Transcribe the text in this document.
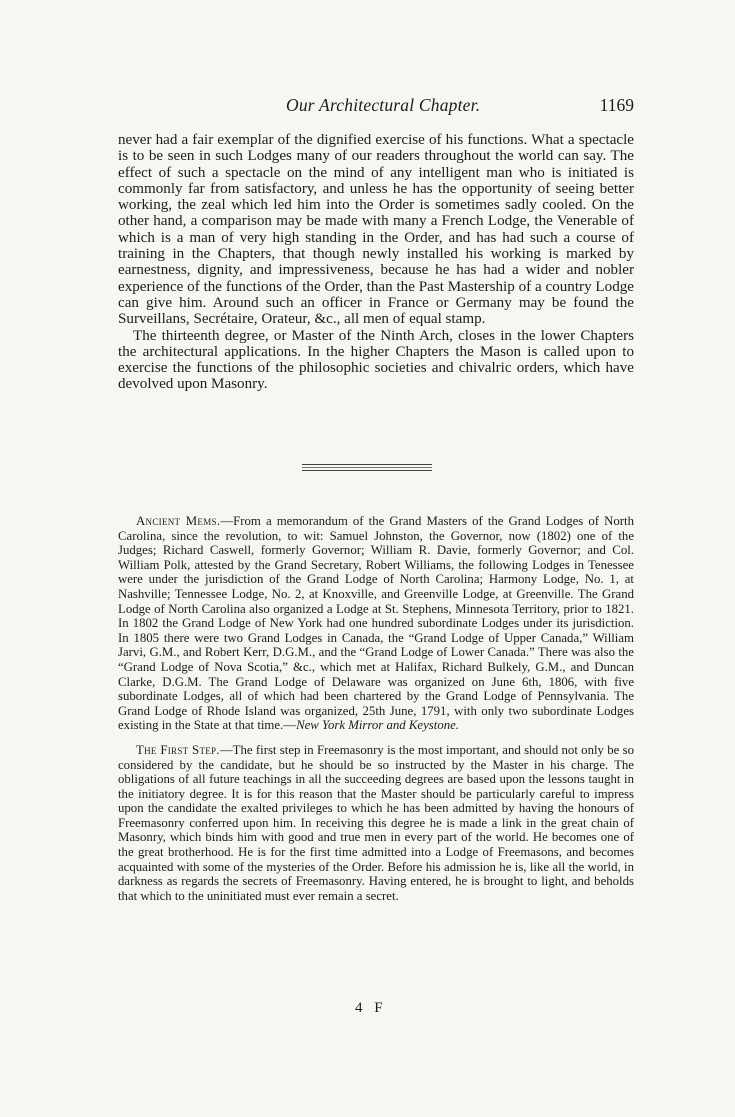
Our Architectural Chapter.	1169

never had a fair exemplar of the dignified exercise of his functions. What a spectacle is to be seen in such Lodges many of our readers throughout the world can say. The effect of such a spectacle on the mind of any intelligent man who is initiated is commonly far from satisfactory, and unless he has the opportunity of seeing better working, the zeal which led him into the Order is sometimes sadly cooled. On the other hand, a comparison may be made with many a French Lodge, the Venerable of which is a man of very high standing in the Order, and has had such a course of training in the Chapters, that though newly installed his working is marked by earnestness, dignity, and impressiveness, because he has had a wider and nobler experience of the functions of the Order, than the Past Mastership of a country Lodge can give him. Around such an officer in France or Germany may be found the Surveillans, Secrétaire, Orateur, &c., all men of equal stamp.

The thirteenth degree, or Master of the Ninth Arch, closes in the lower Chapters the architectural applications. In the higher Chapters the Mason is called upon to exercise the functions of the philosophic societies and chivalric orders, which have devolved upon Masonry.

Ancient Mems.—From a memorandum of the Grand Masters of the Grand Lodges of North Carolina, since the revolution, to wit: Samuel Johnston, the Governor, now (1802) one of the Judges; Richard Caswell, formerly Governor; William R. Davie, formerly Governor; and Col. William Polk, attested by the Grand Secretary, Robert Williams, the following Lodges in Tenessee were under the jurisdiction of the Grand Lodge of North Carolina; Harmony Lodge, No. 1, at Nashville; Tennessee Lodge, No. 2, at Knoxville, and Greenville Lodge, at Greenville. The Grand Lodge of North Carolina also organized a Lodge at St. Stephens, Minnesota Territory, prior to 1821. In 1802 the Grand Lodge of New York had one hundred subordinate Lodges under its jurisdiction. In 1805 there were two Grand Lodges in Canada, the “Grand Lodge of Upper Canada,” William Jarvi, G.M., and Robert Kerr, D.G.M., and the “Grand Lodge of Lower Canada.” There was also the “Grand Lodge of Nova Scotia,” &c., which met at Halifax, Richard Bulkely, G.M., and Duncan Clarke, D.G.M. The Grand Lodge of Delaware was organized on June 6th, 1806, with five subordinate Lodges, all of which had been chartered by the Grand Lodge of Pennsylvania. The Grand Lodge of Rhode Island was organized, 25th June, 1791, with only two subordinate Lodges existing in the State at that time.—New York Mirror and Keystone.

The First Step.—The first step in Freemasonry is the most important, and should not only be so considered by the candidate, but he should be so instructed by the Master in his charge. The obligations of all future teachings in all the succeeding degrees are based upon the lessons taught in the initiatory degree. It is for this reason that the Master should be particularly careful to impress upon the candidate the exalted privileges to which he has been admitted by having the honours of Freemasonry conferred upon him. In receiving this degree he is made a link in the great chain of Masonry, which binds him with good and true men in every part of the world. He becomes one of the great brotherhood. He is for the first time admitted into a Lodge of Freemasons, and becomes acquainted with some of the mysteries of the Order. Before his admission he is, like all the world, in darkness as regards the secrets of Freemasonry. Having entered, he is brought to light, and beholds that which to the uninitiated must ever remain a secret.

4 F
